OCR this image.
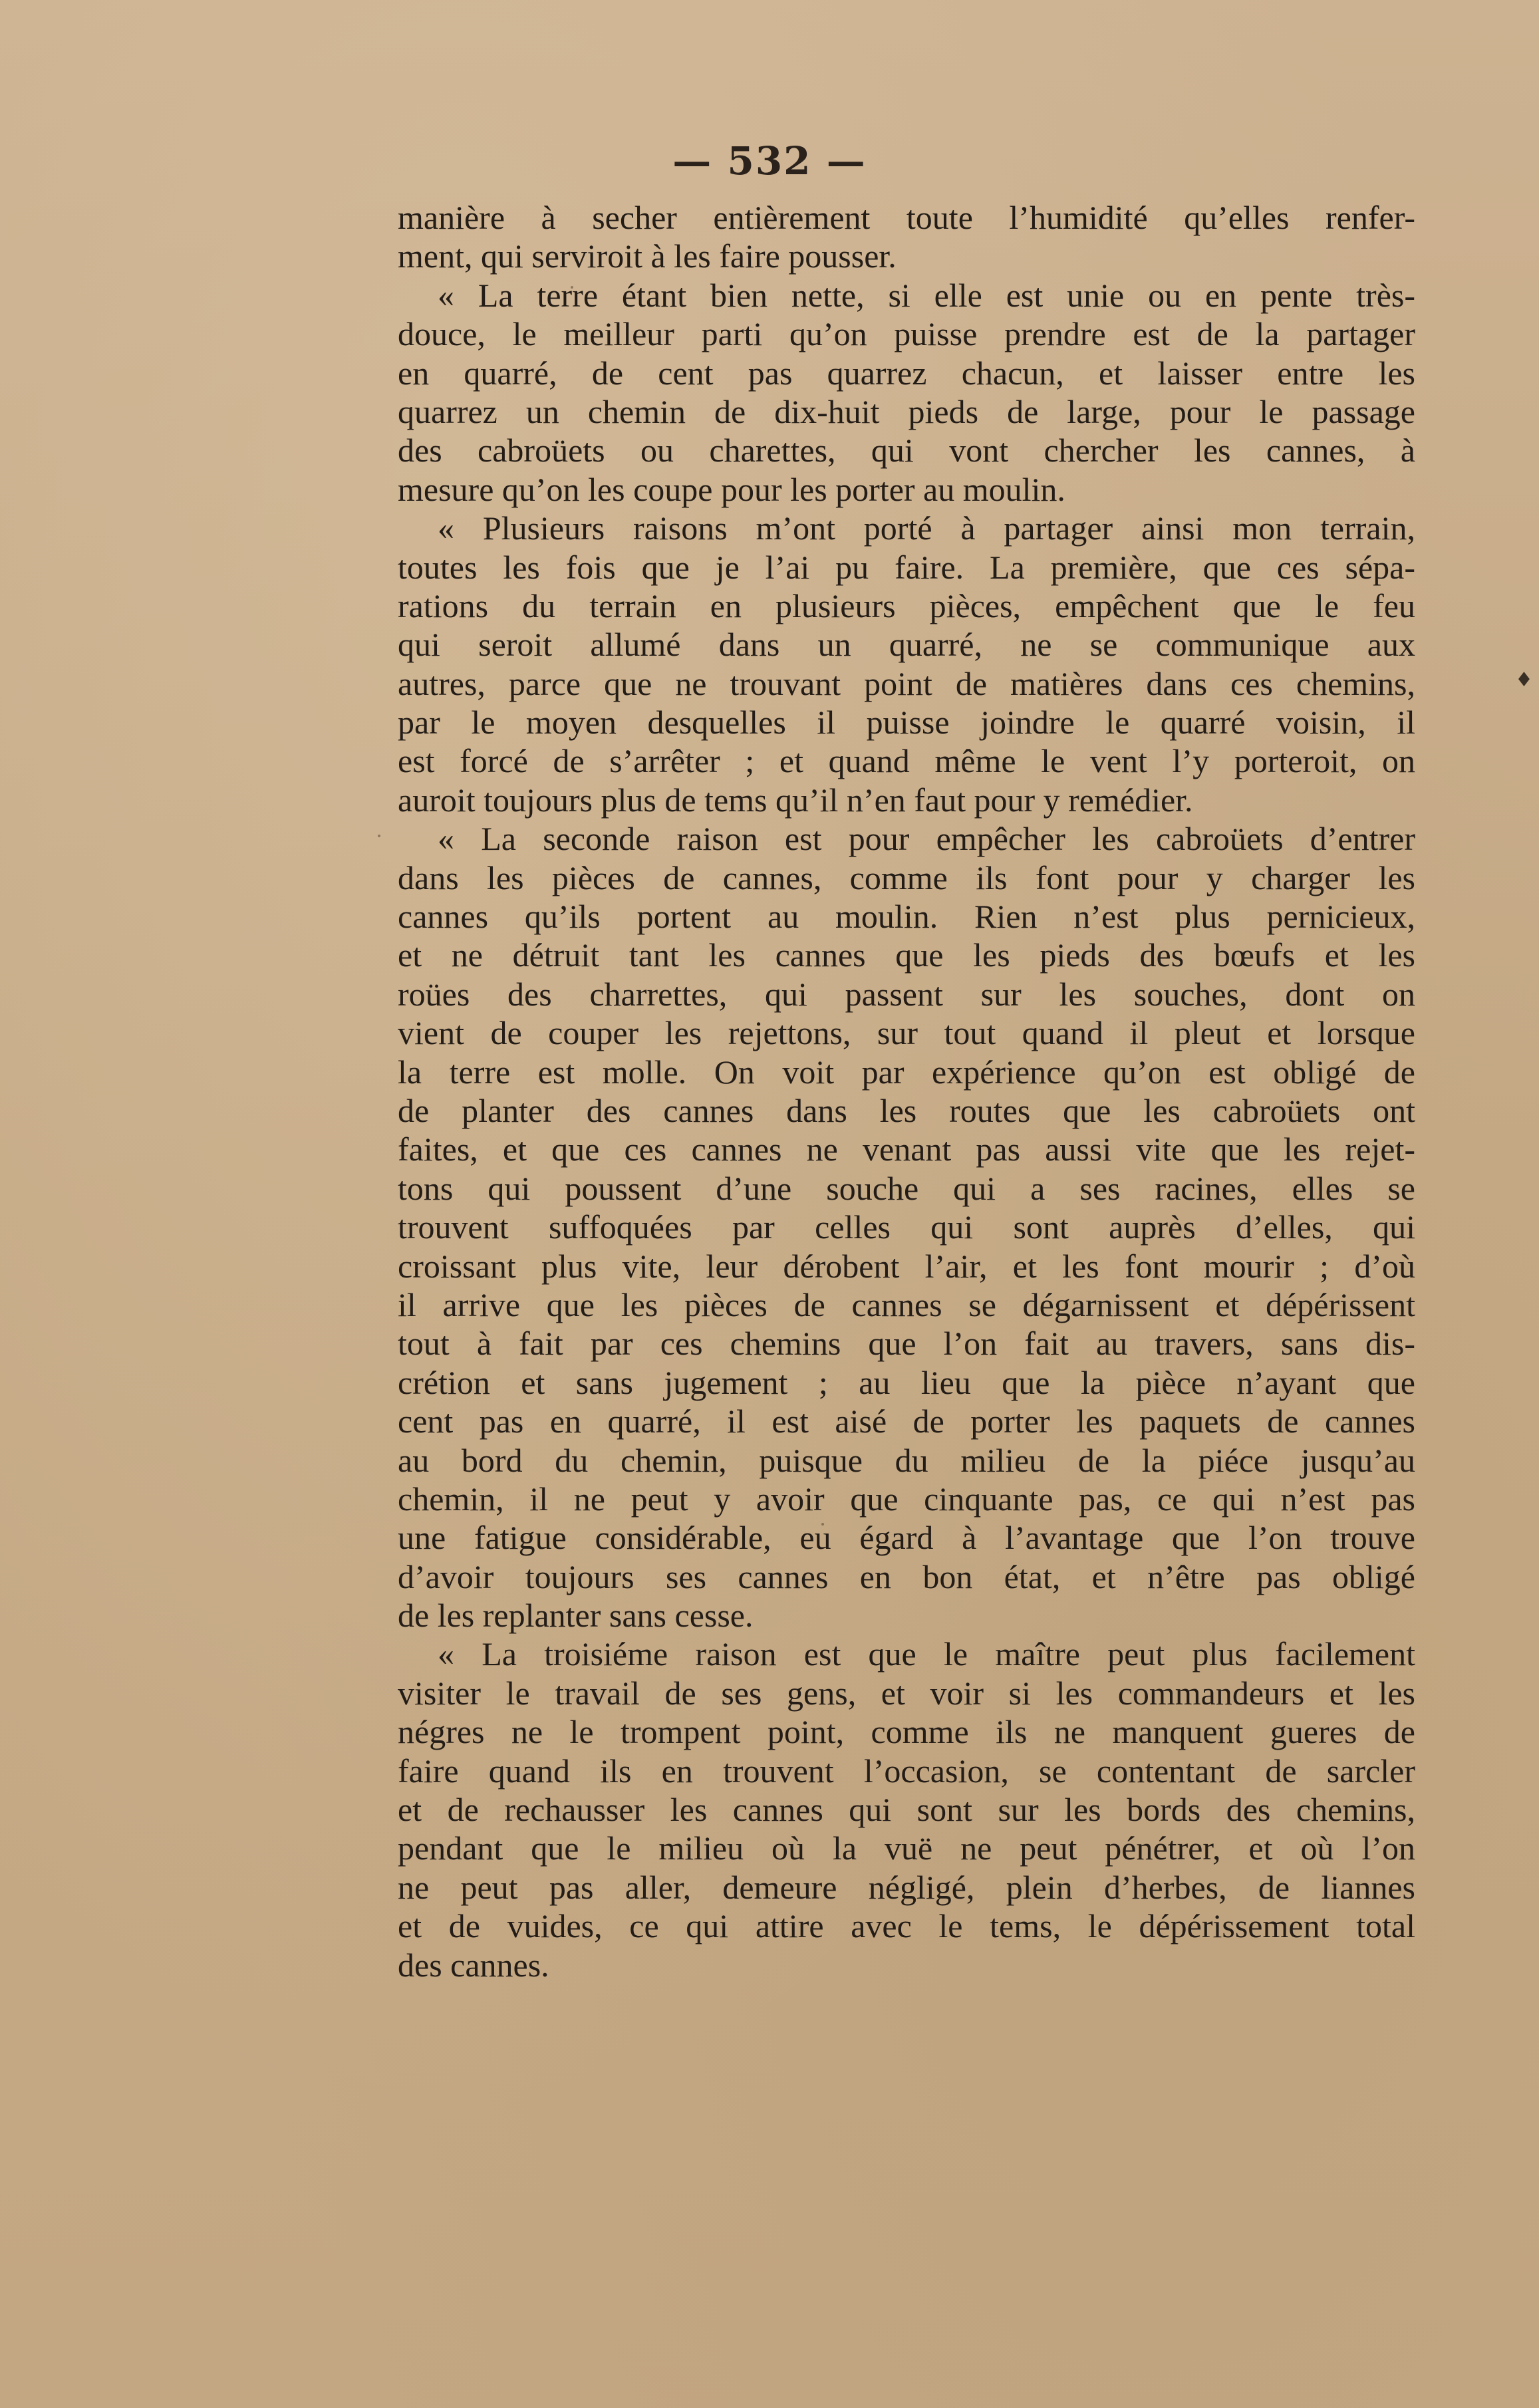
— 532 —
manière à secher entièrement toute l’humidité qu’elles renfer-
ment, qui serviroit à les faire pousser.
« La terre étant bien nette, si elle est unie ou en pente très-
douce, le meilleur parti qu’on puisse prendre est de la partager
en quarré, de cent pas quarrez chacun, et laisser entre les
quarrez un chemin de dix-huit pieds de large, pour le passage
des cabroüets ou charettes, qui vont chercher les cannes, à
mesure qu’on les coupe pour les porter au moulin.
« Plusieurs raisons m’ont porté à partager ainsi mon terrain,
toutes les fois que je l’ai pu faire. La première, que ces sépa-
rations du terrain en plusieurs pièces, empêchent que le feu
qui seroit allumé dans un quarré, ne se communique aux
autres, parce que ne trouvant point de matières dans ces chemins,
par le moyen desquelles il puisse joindre le quarré voisin, il
est forcé de s’arrêter ; et quand même le vent l’y porteroit, on
auroit toujours plus de tems qu’il n’en faut pour y remédier.
« La seconde raison est pour empêcher les cabroüets d’entrer
dans les pièces de cannes, comme ils font pour y charger les
cannes qu’ils portent au moulin. Rien n’est plus pernicieux,
et ne détruit tant les cannes que les pieds des bœufs et les
roües des charrettes, qui passent sur les souches, dont on
vient de couper les rejettons, sur tout quand il pleut et lorsque
la terre est molle. On voit par expérience qu’on est obligé de
de planter des cannes dans les routes que les cabroüets ont
faites, et que ces cannes ne venant pas aussi vite que les rejet-
tons qui poussent d’une souche qui a ses racines, elles se
trouvent suffoquées par celles qui sont auprès d’elles, qui
croissant plus vite, leur dérobent l’air, et les font mourir ; d’où
il arrive que les pièces de cannes se dégarnissent et dépérissent
tout à fait par ces chemins que l’on fait au travers, sans dis-
crétion et sans jugement ; au lieu que la pièce n’ayant que
cent pas en quarré, il est aisé de porter les paquets de cannes
au bord du chemin, puisque du milieu de la piéce jusqu’au
chemin, il ne peut y avoir que cinquante pas, ce qui n’est pas
une fatigue considérable, eu égard à l’avantage que l’on trouve
d’avoir toujours ses cannes en bon état, et n’être pas obligé
de les replanter sans cesse.
« La troisiéme raison est que le maître peut plus facilement
visiter le travail de ses gens, et voir si les commandeurs et les
négres ne le trompent point, comme ils ne manquent gueres de
faire quand ils en trouvent l’occasion, se contentant de sarcler
et de rechausser les cannes qui sont sur les bords des chemins,
pendant que le milieu où la vuë ne peut pénétrer, et où l’on
ne peut pas aller, demeure négligé, plein d’herbes, de liannes
et de vuides, ce qui attire avec le tems, le dépérissement total
des cannes.
♦
